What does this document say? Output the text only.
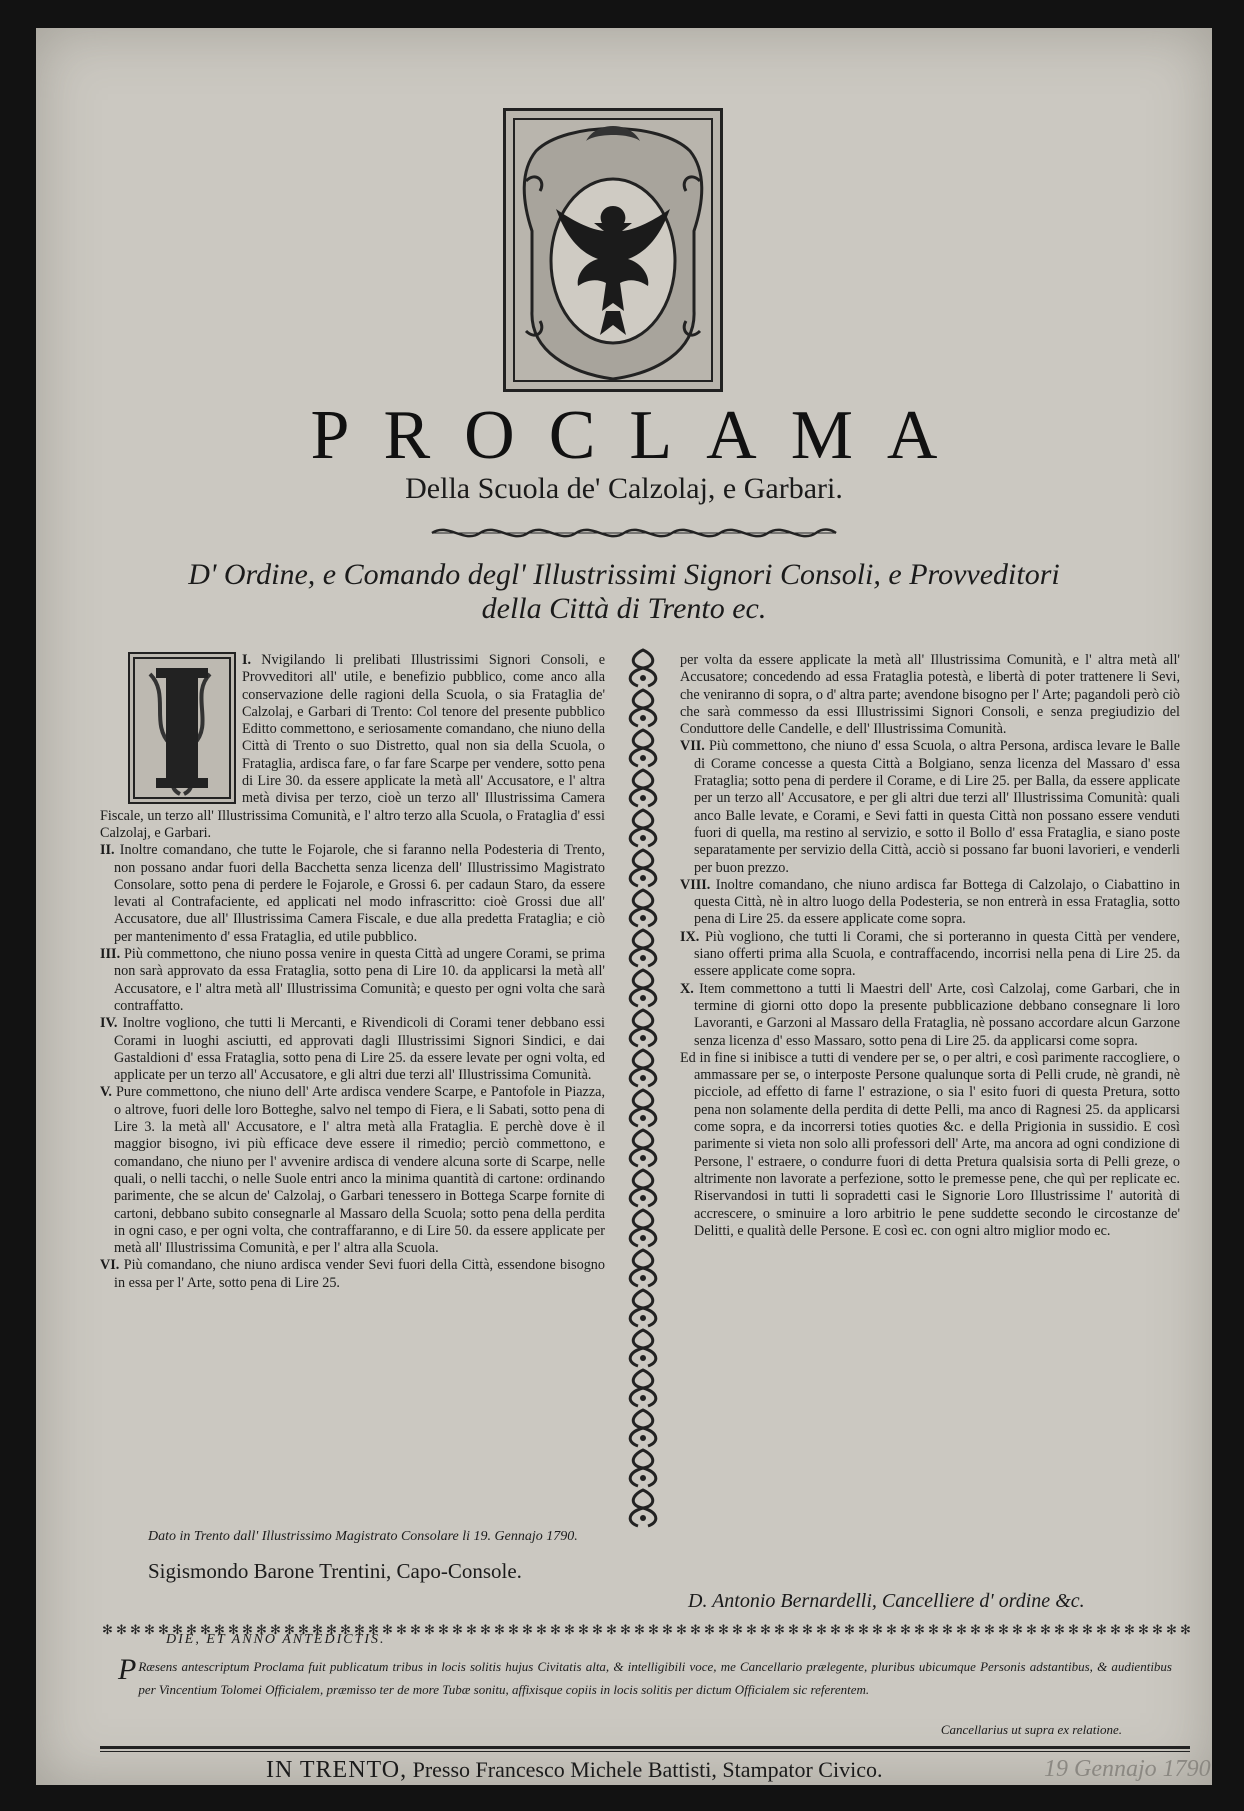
PROCLAMA
Della Scuola de' Calzolaj, e Garbari.
D' Ordine, e Comando degl' Illustrissimi Signori Consoli, e Provveditori
della Città di Trento ec.

I. Nvigilando li prelibati Illustrissimi Signori Consoli, e Provveditori all' utile, e benefizio pubblico, come anco alla conservazione delle ragioni della Scuola, o sia Frataglia de' Calzolaj, e Garbari di Trento: Col tenore del presente pubblico Editto commettono, e seriosamente comandano, che niuno della Città di Trento o suo Distretto, qual non sia della Scuola, o Frataglia, ardisca fare, o far fare Scarpe per vendere, sotto pena di Lire 30. da essere applicate la metà all' Accusatore, e l' altra metà divisa per terzo, cioè un terzo all' Illustrissima Camera Fiscale, un terzo all' Illustrissima Comunità, e l' altro terzo alla Scuola, o Frataglia d' essi Calzolaj, e Garbari.

II. Inoltre comandano, che tutte le Fojarole, che si faranno nella Podesteria di Trento, non possano andar fuori della Bacchetta senza licenza dell' Illustrissimo Magistrato Consolare, sotto pena di perdere le Fojarole, e Grossi 6. per cadaun Staro, da essere levati al Contrafaciente, ed applicati nel modo infrascritto: cioè Grossi due all' Accusatore, due all' Illustrissima Camera Fiscale, e due alla predetta Frataglia; e ciò per mantenimento d' essa Frataglia, ed utile pubblico.

III. Più commettono, che niuno possa venire in questa Città ad ungere Corami, se prima non sarà approvato da essa Frataglia, sotto pena di Lire 10. da applicarsi la metà all' Accusatore, e l' altra metà all' Illustrissima Comunità; e questo per ogni volta che sarà contraffatto.

IV. Inoltre vogliono, che tutti li Mercanti, e Rivendicoli di Corami tener debbano essi Corami in luoghi asciutti, ed approvati dagli Illustrissimi Signori Sindici, e dai Gastaldioni d' essa Frataglia, sotto pena di Lire 25. da essere levate per ogni volta, ed applicate per un terzo all' Accusatore, e gli altri due terzi all' Illustrissima Comunità.

V. Pure commettono, che niuno dell' Arte ardisca vendere Scarpe, e Pantofole in Piazza, o altrove, fuori delle loro Botteghe, salvo nel tempo di Fiera, e li Sabati, sotto pena di Lire 3. la metà all' Accusatore, e l' altra metà alla Frataglia. E perchè dove è il maggior bisogno, ivi più efficace deve essere il rimedio; perciò commettono, e comandano, che niuno per l' avvenire ardisca di vendere alcuna sorte di Scarpe, nelle quali, o nelli tacchi, o nelle Suole entri anco la minima quantità di cartone: ordinando parimente, che se alcun de' Calzolaj, o Garbari tenessero in Bottega Scarpe fornite di cartoni, debbano subito consegnarle al Massaro della Scuola; sotto pena della perdita in ogni caso, e per ogni volta, che contraffaranno, e di Lire 50. da essere applicate per metà all' Illustrissima Comunità, e per l' altra alla Scuola.

VI. Più comandano, che niuno ardisca vender Sevi fuori della Città, essendone bisogno in essa per l' Arte, sotto pena di Lire 25.

per volta da essere applicate la metà all' Illustrissima Comunità, e l' altra metà all' Accusatore; concedendo ad essa Frataglia potestà, e libertà di poter trattenere li Sevi, che veniranno di sopra, o d' altra parte; avendone bisogno per l' Arte; pagandoli però ciò che sarà commesso da essi Illustrissimi Signori Consoli, e senza pregiudizio del Conduttore delle Candelle, e dell' Illustrissima Comunità.

VII. Più commettono, che niuno d' essa Scuola, o altra Persona, ardisca levare le Balle di Corame concesse a questa Città a Bolgiano, senza licenza del Massaro d' essa Frataglia; sotto pena di perdere il Corame, e di Lire 25. per Balla, da essere applicate per un terzo all' Accusatore, e per gli altri due terzi all' Illustrissima Comunità: quali anco Balle levate, e Corami, e Sevi fatti in questa Città non possano essere venduti fuori di quella, ma restino al servizio, e sotto il Bollo d' essa Frataglia, e siano poste separatamente per servizio della Città, acciò si possano far buoni lavorieri, e venderli per buon prezzo.

VIII. Inoltre comandano, che niuno ardisca far Bottega di Calzolajo, o Ciabattino in questa Città, nè in altro luogo della Podesteria, se non entrerà in essa Frataglia, sotto pena di Lire 25. da essere applicate come sopra.

IX. Più vogliono, che tutti li Corami, che si porteranno in questa Città per vendere, siano offerti prima alla Scuola, e contraffacendo, incorrisi nella pena di Lire 25. da essere applicate come sopra.

X. Item commettono a tutti li Maestri dell' Arte, così Calzolaj, come Garbari, che in termine di giorni otto dopo la presente pubblicazione debbano consegnare li loro Lavoranti, e Garzoni al Massaro della Frataglia, nè possano accordare alcun Garzone senza licenza d' esso Massaro, sotto pena di Lire 25. da applicarsi come sopra.

Ed in fine si inibisce a tutti di vendere per se, o per altri, e così parimente raccogliere, o ammassare per se, o interposte Persone qualunque sorta di Pelli crude, nè grandi, nè picciole, ad effetto di farne l' estrazione, o sia l' esito fuori di questa Pretura, sotto pena non solamente della perdita di dette Pelli, ma anco di Ragnesi 25. da applicarsi come sopra, e da incorrersi toties quoties &c. e della Prigionia in sussidio. E così parimente si vieta non solo alli professori dell' Arte, ma ancora ad ogni condizione di Persone, l' estraere, o condurre fuori di detta Pretura qualsisia sorta di Pelli greze, o altrimente non lavorate a perfezione, sotto le premesse pene, che quì per replicate ec. Riservandosi in tutti li sopradetti casi le Signorie Loro Illustrissime l' autorità di accrescere, o sminuire a loro arbitrio le pene suddette secondo le circostanze de' Delitti, e qualità delle Persone. E così ec. con ogni altro miglior modo ec.

Dato in Trento dall' Illustrissimo Magistrato Consolare li 19. Gennajo 1790.
Sigismondo Barone Trentini, Capo-Console.
D. Antonio Bernardelli, Cancelliere d' ordine &c.
DIE, ET ANNO ANTEDICTIS.
P Ræsens antescriptum Proclama fuit publicatum tribus in locis solitis hujus Civitatis alta, & intelligibili voce, me Cancellario prælegente, pluribus ubicumque Personis adstantibus, & audientibus per Vincentium Tolomei Officialem, præmisso ter de more Tubæ sonitu, affixisque copiis in locis solitis per dictum Officialem sic referentem.
Cancellarius ut supra ex relatione.
IN TRENTO, Presso Francesco Michele Battisti, Stampator Civico.	19 Gennajo 1790
